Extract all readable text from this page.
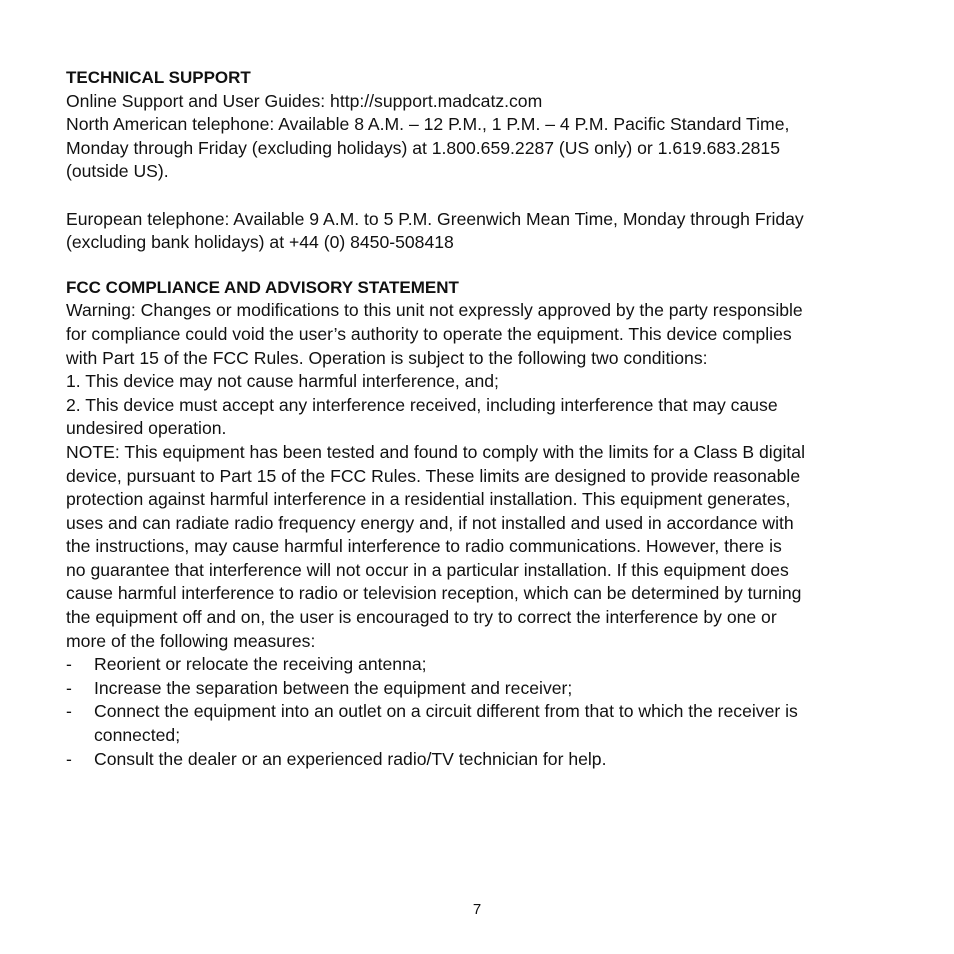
TECHNICAL SUPPORT

Online Support and User Guides: http://support.madcatz.com

North American telephone: Available 8 A.M. – 12 P.M., 1 P.M. – 4 P.M. Pacific Standard Time,

Monday through Friday (excluding holidays) at 1.800.659.2287 (US only) or 1.619.683.2815

(outside US).

European telephone: Available 9 A.M. to 5 P.M. Greenwich Mean Time, Monday through Friday

(excluding bank holidays) at +44 (0) 8450-508418

FCC COMPLIANCE AND ADVISORY STATEMENT

Warning: Changes or modifications to this unit not expressly approved by the party responsible

for compliance could void the user’s authority to operate the equipment. This device complies

with Part 15 of the FCC Rules. Operation is subject to the following two conditions:

1. This device may not cause harmful interference, and;

2. This device must accept any interference received, including interference that may cause

undesired operation.

NOTE: This equipment has been tested and found to comply with the limits for a Class B digital

device, pursuant to Part 15 of the FCC Rules. These limits are designed to provide reasonable

protection against harmful interference in a residential installation. This equipment generates,

uses and can radiate radio frequency energy and, if not installed and used in accordance with

the instructions, may cause harmful interference to radio communications. However, there is

no guarantee that interference will not occur in a particular installation. If this equipment does

cause harmful interference to radio or television reception, which can be determined by turning

the equipment off and on, the user is encouraged to try to correct the interference by one or

more of the following measures:

- Reorient or relocate the receiving antenna;
- Increase the separation between the equipment and receiver;
- Connect the equipment into an outlet on a circuit different from that to which the receiver is
connected;
- Consult the dealer or an experienced radio/TV technician for help.
7
